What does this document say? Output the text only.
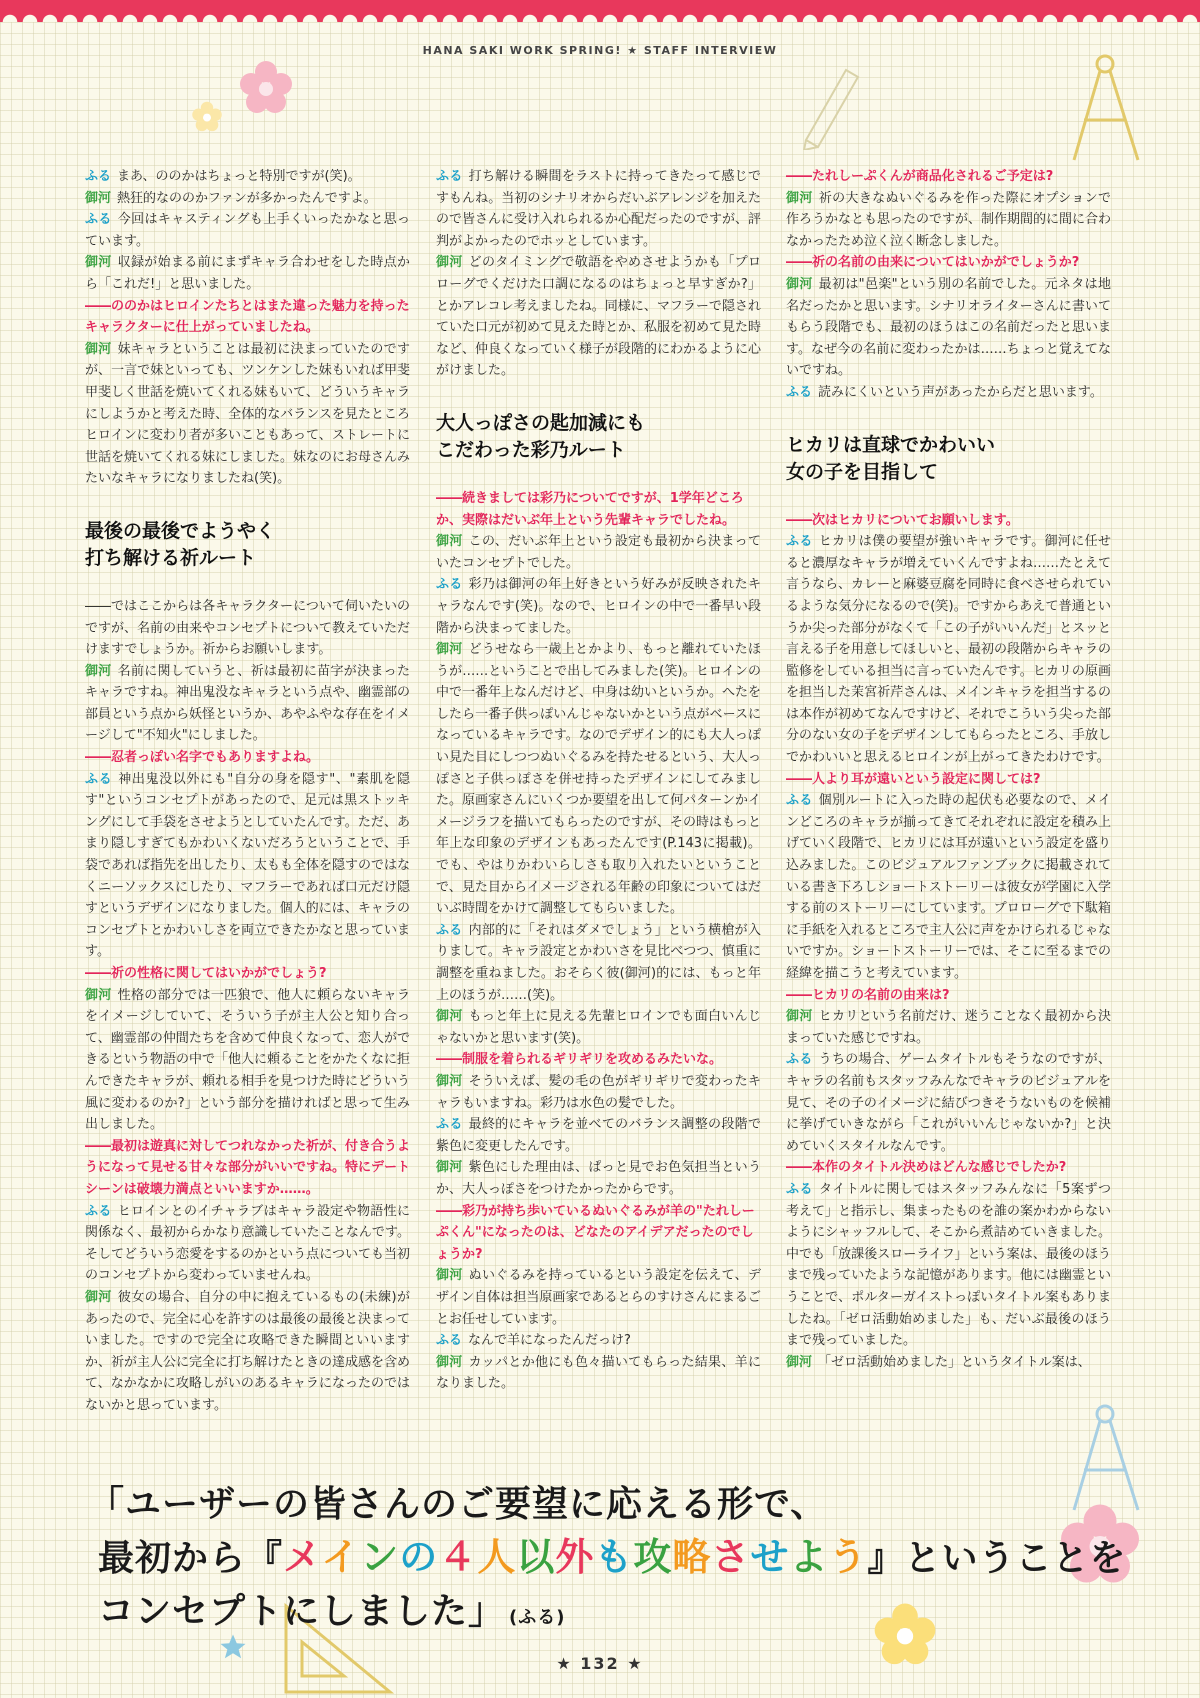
HANA SAKI WORK SPRING! ★ STAFF INTERVIEW

ふる まあ、ののかはちょっと特別ですが(笑)。

御河 熱狂的なののかファンが多かったんですよ。

ふる 今回はキャスティングも上手くいったかなと思っています。

御河 収録が始まる前にまずキャラ合わせをした時点から「これだ!」と思いました。

――ののかはヒロインたちとはまた違った魅力を持ったキャラクターに仕上がっていましたね。

御河 妹キャラということは最初に決まっていたのですが、一言で妹といっても、ツンケンした妹もいれば甲斐甲斐しく世話を焼いてくれる妹もいて、どういうキャラにしようかと考えた時、全体的なバランスを見たところヒロインに変わり者が多いこともあって、ストレートに世話を焼いてくれる妹にしました。妹なのにお母さんみたいなキャラになりましたね(笑)。

最後の最後でようやく
打ち解ける祈ルート

――ではここからは各キャラクターについて伺いたいのですが、名前の由来やコンセプトについて教えていただけますでしょうか。祈からお願いします。

御河 名前に関していうと、祈は最初に苗字が決まったキャラですね。神出鬼没なキャラという点や、幽霊部の部員という点から妖怪というか、あやふやな存在をイメージして"不知火"にしました。

――忍者っぽい名字でもありますよね。

ふる 神出鬼没以外にも"自分の身を隠す"、"素肌を隠す"というコンセプトがあったので、足元は黒ストッキングにして手袋をさせようとしていたんです。ただ、あまり隠しすぎてもかわいくないだろうということで、手袋であれば指先を出したり、太もも全体を隠すのではなくニーソックスにしたり、マフラーであれば口元だけ隠すというデザインになりました。個人的には、キャラのコンセプトとかわいしさを両立できたかなと思っています。

――祈の性格に関してはいかがでしょう?

御河 性格の部分では一匹狼で、他人に頼らないキャラをイメージしていて、そういう子が主人公と知り合って、幽霊部の仲間たちを含めて仲良くなって、恋人ができるという物語の中で「他人に頼ることをかたくなに拒んできたキャラが、頼れる相手を見つけた時にどういう風に変わるのか?」という部分を描ければと思って生み出しました。

――最初は遊真に対してつれなかった祈が、付き合うようになって見せる甘々な部分がいいですね。特にデートシーンは破壊力満点といいますか……。

ふる ヒロインとのイチャラブはキャラ設定や物語性に関係なく、最初からかなり意識していたことなんです。そしてどういう恋愛をするのかという点についても当初のコンセプトから変わっていませんね。

御河 彼女の場合、自分の中に抱えているもの(未練)があったので、完全に心を許すのは最後の最後と決まっていました。ですので完全に攻略できた瞬間といいますか、祈が主人公に完全に打ち解けたときの達成感を含めて、なかなかに攻略しがいのあるキャラになったのではないかと思っています。

ふる 打ち解ける瞬間をラストに持ってきたって感じですもんね。当初のシナリオからだいぶアレンジを加えたので皆さんに受け入れられるか心配だったのですが、評判がよかったのでホッとしています。

御河 どのタイミングで敬語をやめさせようかも「プロローグでくだけた口調になるのはちょっと早すぎか?」とかアレコレ考えましたね。同様に、マフラーで隠されていた口元が初めて見えた時とか、私服を初めて見た時など、仲良くなっていく様子が段階的にわかるように心がけました。

大人っぽさの匙加減にも
こだわった彩乃ルート

――続きましては彩乃についてですが、1学年どころか、実際はだいぶ年上という先輩キャラでしたね。

御河 この、だいぶ年上という設定も最初から決まっていたコンセプトでした。

ふる 彩乃は御河の年上好きという好みが反映されたキャラなんです(笑)。なので、ヒロインの中で一番早い段階から決まってました。

御河 どうせなら一歳上とかより、もっと離れていたほうが……ということで出してみました(笑)。ヒロインの中で一番年上なんだけど、中身は幼いというか。へたをしたら一番子供っぽいんじゃないかという点がベースになっているキャラです。なのでデザイン的にも大人っぽい見た目にしつつぬいぐるみを持たせるという、大人っぽさと子供っぽさを併せ持ったデザインにしてみました。原画家さんにいくつか要望を出して何パターンかイメージラフを描いてもらったのですが、その時はもっと年上な印象のデザインもあったんです(P.143に掲載)。でも、やはりかわいらしさも取り入れたいということで、見た目からイメージされる年齢の印象についてはだいぶ時間をかけて調整してもらいました。

ふる 内部的に「それはダメでしょう」という横槍が入りまして。キャラ設定とかわいさを見比べつつ、慎重に調整を重ねました。おそらく彼(御河)的には、もっと年上のほうが……(笑)。

御河 もっと年上に見える先輩ヒロインでも面白いんじゃないかと思います(笑)。

――制服を着られるギリギリを攻めるみたいな。

御河 そういえば、髪の毛の色がギリギリで変わったキャラもいますね。彩乃は水色の髪でした。

ふる 最終的にキャラを並べてのバランス調整の段階で紫色に変更したんです。

御河 紫色にした理由は、ぱっと見でお色気担当というか、大人っぽさをつけたかったからです。

――彩乃が持ち歩いているぬいぐるみが羊の"たれしーぷくん"になったのは、どなたのアイデアだったのでしょうか?

御河 ぬいぐるみを持っているという設定を伝えて、デザイン自体は担当原画家であるとらのすけさんにまるごとお任せしています。

ふる なんで羊になったんだっけ?

御河 カッパとか他にも色々描いてもらった結果、羊になりました。

――たれしーぷくんが商品化されるご予定は?

御河 祈の大きなぬいぐるみを作った際にオプションで作ろうかなとも思ったのですが、制作期間的に間に合わなかったため泣く泣く断念しました。

――祈の名前の由来についてはいかがでしょうか?

御河 最初は"邑楽"という別の名前でした。元ネタは地名だったかと思います。シナリオライターさんに書いてもらう段階でも、最初のほうはこの名前だったと思います。なぜ今の名前に変わったかは……ちょっと覚えてないですね。

ふる 読みにくいという声があったからだと思います。

ヒカリは直球でかわいい
女の子を目指して

――次はヒカリについてお願いします。

ふる ヒカリは僕の要望が強いキャラです。御河に任せると濃厚なキャラが増えていくんですよね……たとえて言うなら、カレーと麻婆豆腐を同時に食べさせられているような気分になるので(笑)。ですからあえて普通というか尖った部分がなくて「この子がいいんだ」とスッと言える子を用意してほしいと、最初の段階からキャラの監修をしている担当に言っていたんです。ヒカリの原画を担当した茉宮祈芹さんは、メインキャラを担当するのは本作が初めてなんですけど、それでこういう尖った部分のない女の子をデザインしてもらったところ、手放しでかわいいと思えるヒロインが上がってきたわけです。

――人より耳が遠いという設定に関しては?

ふる 個別ルートに入った時の起伏も必要なので、メインどころのキャラが揃ってきてそれぞれに設定を積み上げていく段階で、ヒカリには耳が遠いという設定を盛り込みました。このビジュアルファンブックに掲載されている書き下ろしショートストーリーは彼女が学園に入学する前のストーリーにしています。プロローグで下駄箱に手紙を入れるところで主人公に声をかけられるじゃないですか。ショートストーリーでは、そこに至るまでの経緯を描こうと考えています。

――ヒカリの名前の由来は?

御河 ヒカリという名前だけ、迷うことなく最初から決まっていた感じですね。

ふる うちの場合、ゲームタイトルもそうなのですが、キャラの名前もスタッフみんなでキャラのビジュアルを見て、その子のイメージに結びつきそうないものを候補に挙げていきながら「これがいいんじゃないか?」と決めていくスタイルなんです。

――本作のタイトル決めはどんな感じでしたか?

ふる タイトルに関してはスタッフみんなに「5案ずつ考えて」と指示し、集まったものを誰の案かわからないようにシャッフルして、そこから煮詰めていきました。中でも「放課後スローライフ」という案は、最後のほうまで残っていたような記憶があります。他には幽霊ということで、ポルターガイストっぽいタイトル案もありましたね。「ゼロ活動始めました」も、だいぶ最後のほうまで残っていました。

御河 「ゼロ活動始めました」というタイトル案は、

「ユーザーの皆さんのご要望に応える形で、
最初から『メインの４人以外も攻略させよう』ということを
コンセプトにしました」 (ふる)
★ 132 ★
